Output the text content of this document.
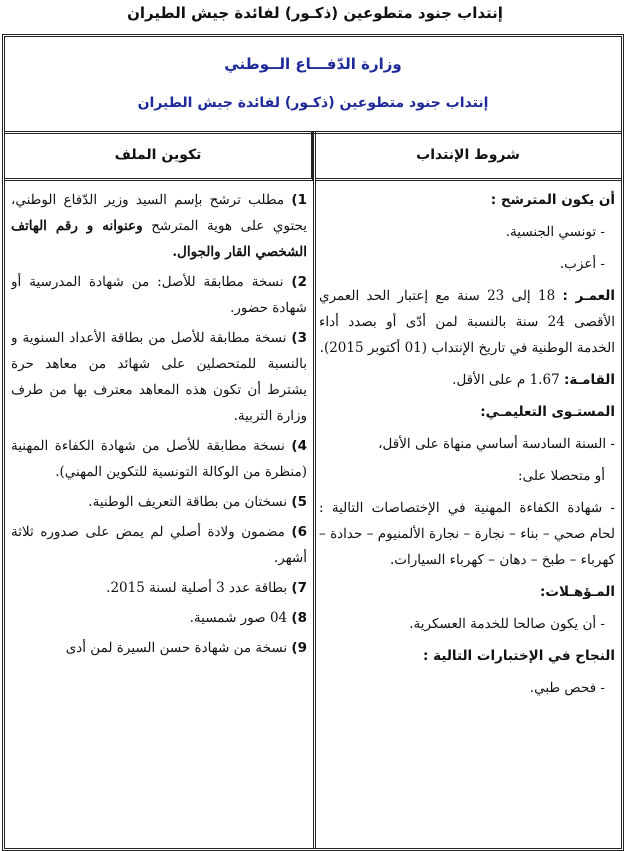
إنتداب جنود متطوعين (ذكـور) لفائدة جيش الطيران
وزارة الدّفـــاع الــوطني
إنتداب جنود متطوعين (ذكـور) لفائدة جيش الطيران
شروط الإنتداب
تكوين الملف
أن يكون المترشح :
- تونسي الجنسية.
- أعزب.
العمـر : 18 إلى 23 سنة مع إعتبار الحد العمري الأقصى 24 سنة بالنسبة لمن أدّى أو بصدد أداء الخدمة الوطنية في تاريخ الإنتداب (01 أكتوبر 2015).
القامـة: 1.67 م على الأقل.
المستـوى التعليمـي:
- السنة السادسة أساسي منهاة على الأقل،
أو متحصلا على:
- شهادة الكفاءة المهنية في الإختصاصات التالية : لحام صحي – بناء – نجارة – نجارة الألمنيوم – حدادة – كهرباء – طبخ – دهان – كهرباء السيارات.
المـؤهـلات:
- أن يكون صالحا للخدمة العسكرية.
النجاح في الإختبارات التالية :
- فحص طبي.
1) مطلب ترشح بإسم السيد وزير الدّفاع الوطني، يحتوي على هوية المترشح وعنوانه و رقم الهاتف الشخصي القار والجوال.
2) نسخة مطابقة للأصل: من شهادة المدرسية أو شهادة حضور.
3) نسخة مطابقة للأصل من بطاقة الأعداد السنوية و بالنسبة للمتحصلين على شهائد من معاهد حرة يشترط أن تكون هذه المعاهد معترف بها من طرف وزارة التربية.
4) نسخة مطابقة للأصل من شهادة الكفاءة المهنية (منظرة من الوكالة التونسية للتكوين المهني).
5) نسختان من بطاقة التعريف الوطنية.
6) مضمون ولادة أصلي لم يمض على صدوره ثلاثة أشهر.
7) بطاقة عدد 3 أصلية لسنة 2015.
8) 04 صور شمسية.
9) نسخة من شهادة حسن السيرة لمن أدى
